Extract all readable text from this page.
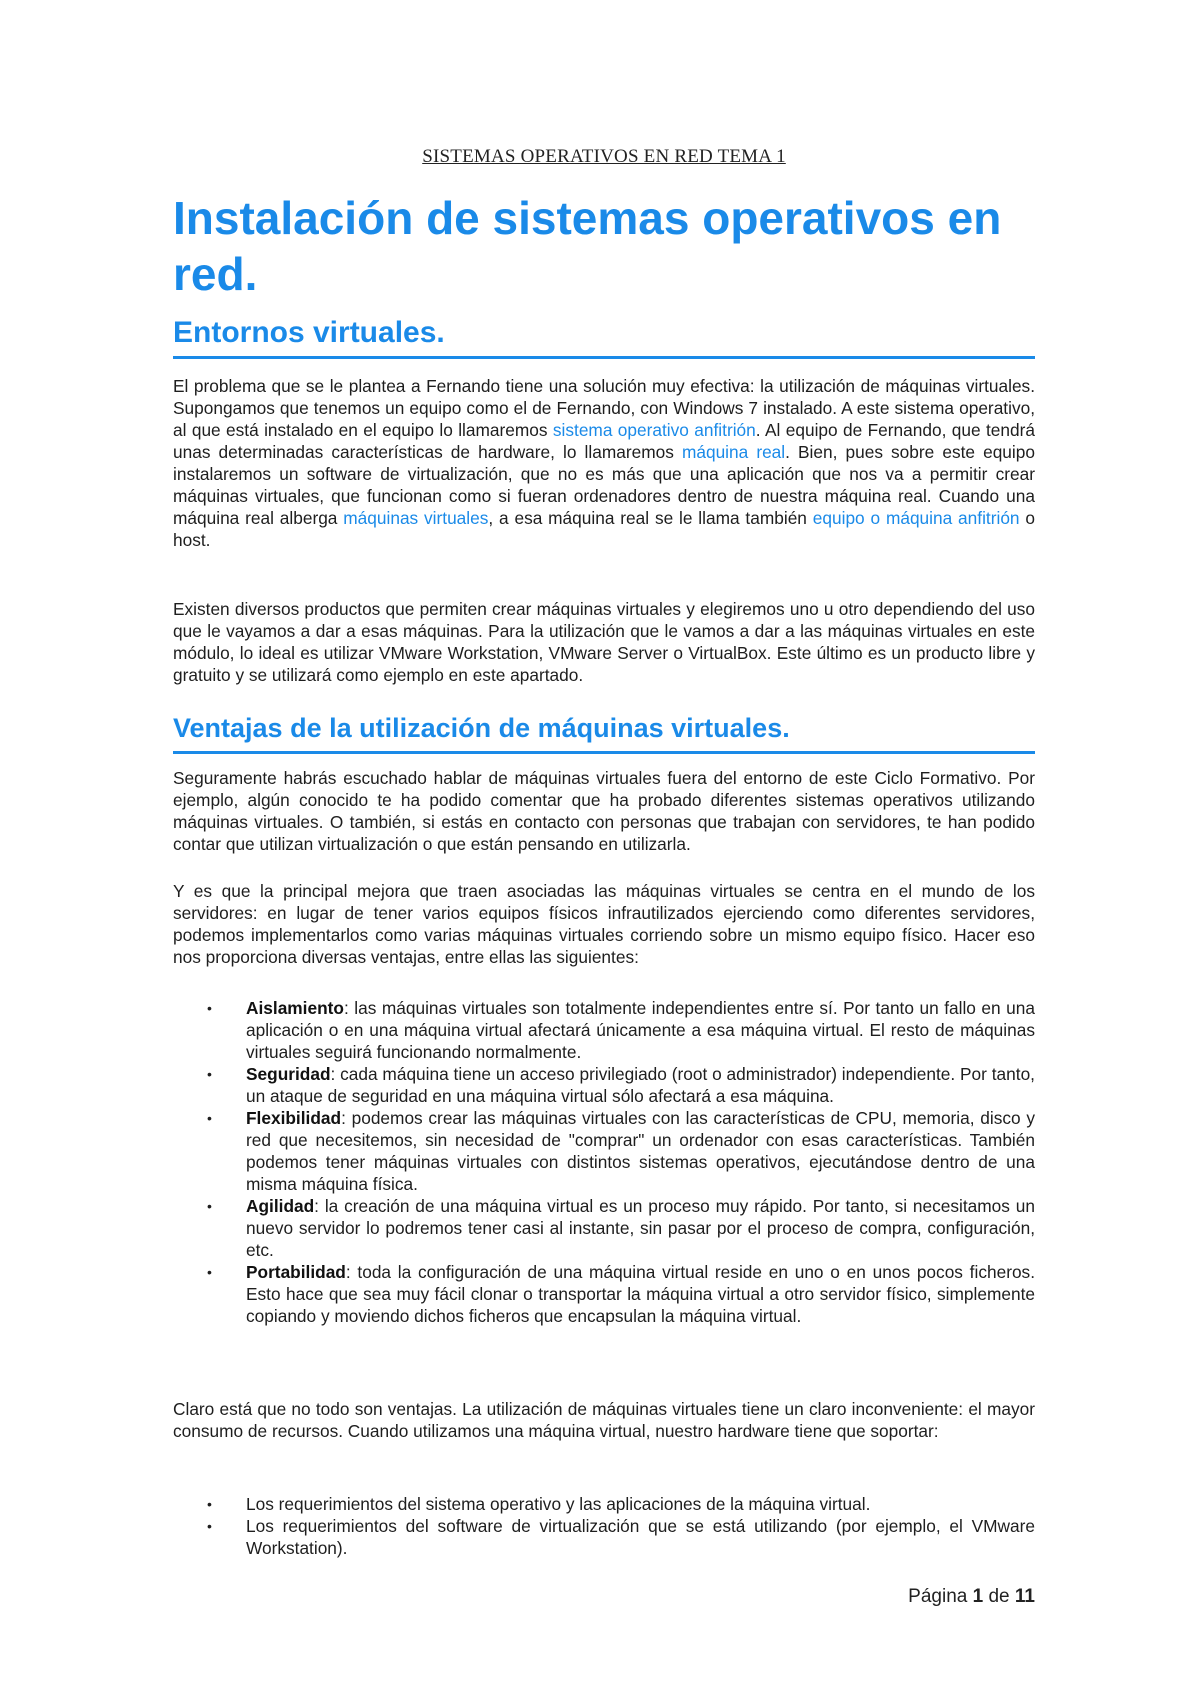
SISTEMAS OPERATIVOS EN RED TEMA 1
Instalación de sistemas operativos en red.
Entornos virtuales.

El problema que se le plantea a Fernando tiene una solución muy efectiva: la utilización de máquinas virtuales. Supongamos que tenemos un equipo como el de Fernando, con Windows 7 instalado. A este sistema operativo, al que está instalado en el equipo lo llamaremos sistema operativo anfitrión. Al equipo de Fernando, que tendrá unas determinadas características de hardware, lo llamaremos máquina real. Bien, pues sobre este equipo instalaremos un software de virtualización, que no es más que una aplicación que nos va a permitir crear máquinas virtuales, que funcionan como si fueran ordenadores dentro de nuestra máquina real. Cuando una máquina real alberga máquinas virtuales, a esa máquina real se le llama también equipo o máquina anfitrión o host.

Existen diversos productos que permiten crear máquinas virtuales y elegiremos uno u otro dependiendo del uso que le vayamos a dar a esas máquinas. Para la utilización que le vamos a dar a las máquinas virtuales en este módulo, lo ideal es utilizar VMware Workstation, VMware Server o VirtualBox. Este último es un producto libre y gratuito y se utilizará como ejemplo en este apartado.

Ventajas de la utilización de máquinas virtuales.

Seguramente habrás escuchado hablar de máquinas virtuales fuera del entorno de este Ciclo Formativo. Por ejemplo, algún conocido te ha podido comentar que ha probado diferentes sistemas operativos utilizando máquinas virtuales. O también, si estás en contacto con personas que trabajan con servidores, te han podido contar que utilizan virtualización o que están pensando en utilizarla.

Y es que la principal mejora que traen asociadas las máquinas virtuales se centra en el mundo de los servidores: en lugar de tener varios equipos físicos infrautilizados ejerciendo como diferentes servidores, podemos implementarlos como varias máquinas virtuales corriendo sobre un mismo equipo físico. Hacer eso nos proporciona diversas ventajas, entre ellas las siguientes:

• Aislamiento: las máquinas virtuales son totalmente independientes entre sí. Por tanto un fallo en una aplicación o en una máquina virtual afectará únicamente a esa máquina virtual. El resto de máquinas virtuales seguirá funcionando normalmente.
• Seguridad: cada máquina tiene un acceso privilegiado (root o administrador) independiente. Por tanto, un ataque de seguridad en una máquina virtual sólo afectará a esa máquina.
• Flexibilidad: podemos crear las máquinas virtuales con las características de CPU, memoria, disco y red que necesitemos, sin necesidad de "comprar" un ordenador con esas características. También podemos tener máquinas virtuales con distintos sistemas operativos, ejecutándose dentro de una misma máquina física.
• Agilidad: la creación de una máquina virtual es un proceso muy rápido. Por tanto, si necesitamos un nuevo servidor lo podremos tener casi al instante, sin pasar por el proceso de compra, configuración, etc.
• Portabilidad: toda la configuración de una máquina virtual reside en uno o en unos pocos ficheros. Esto hace que sea muy fácil clonar o transportar la máquina virtual a otro servidor físico, simplemente copiando y moviendo dichos ficheros que encapsulan la máquina virtual.

Claro está que no todo son ventajas. La utilización de máquinas virtuales tiene un claro inconveniente: el mayor consumo de recursos. Cuando utilizamos una máquina virtual, nuestro hardware tiene que soportar:

• Los requerimientos del sistema operativo y las aplicaciones de la máquina virtual.
• Los requerimientos del software de virtualización que se está utilizando (por ejemplo, el VMware Workstation).
Página 1 de 11
